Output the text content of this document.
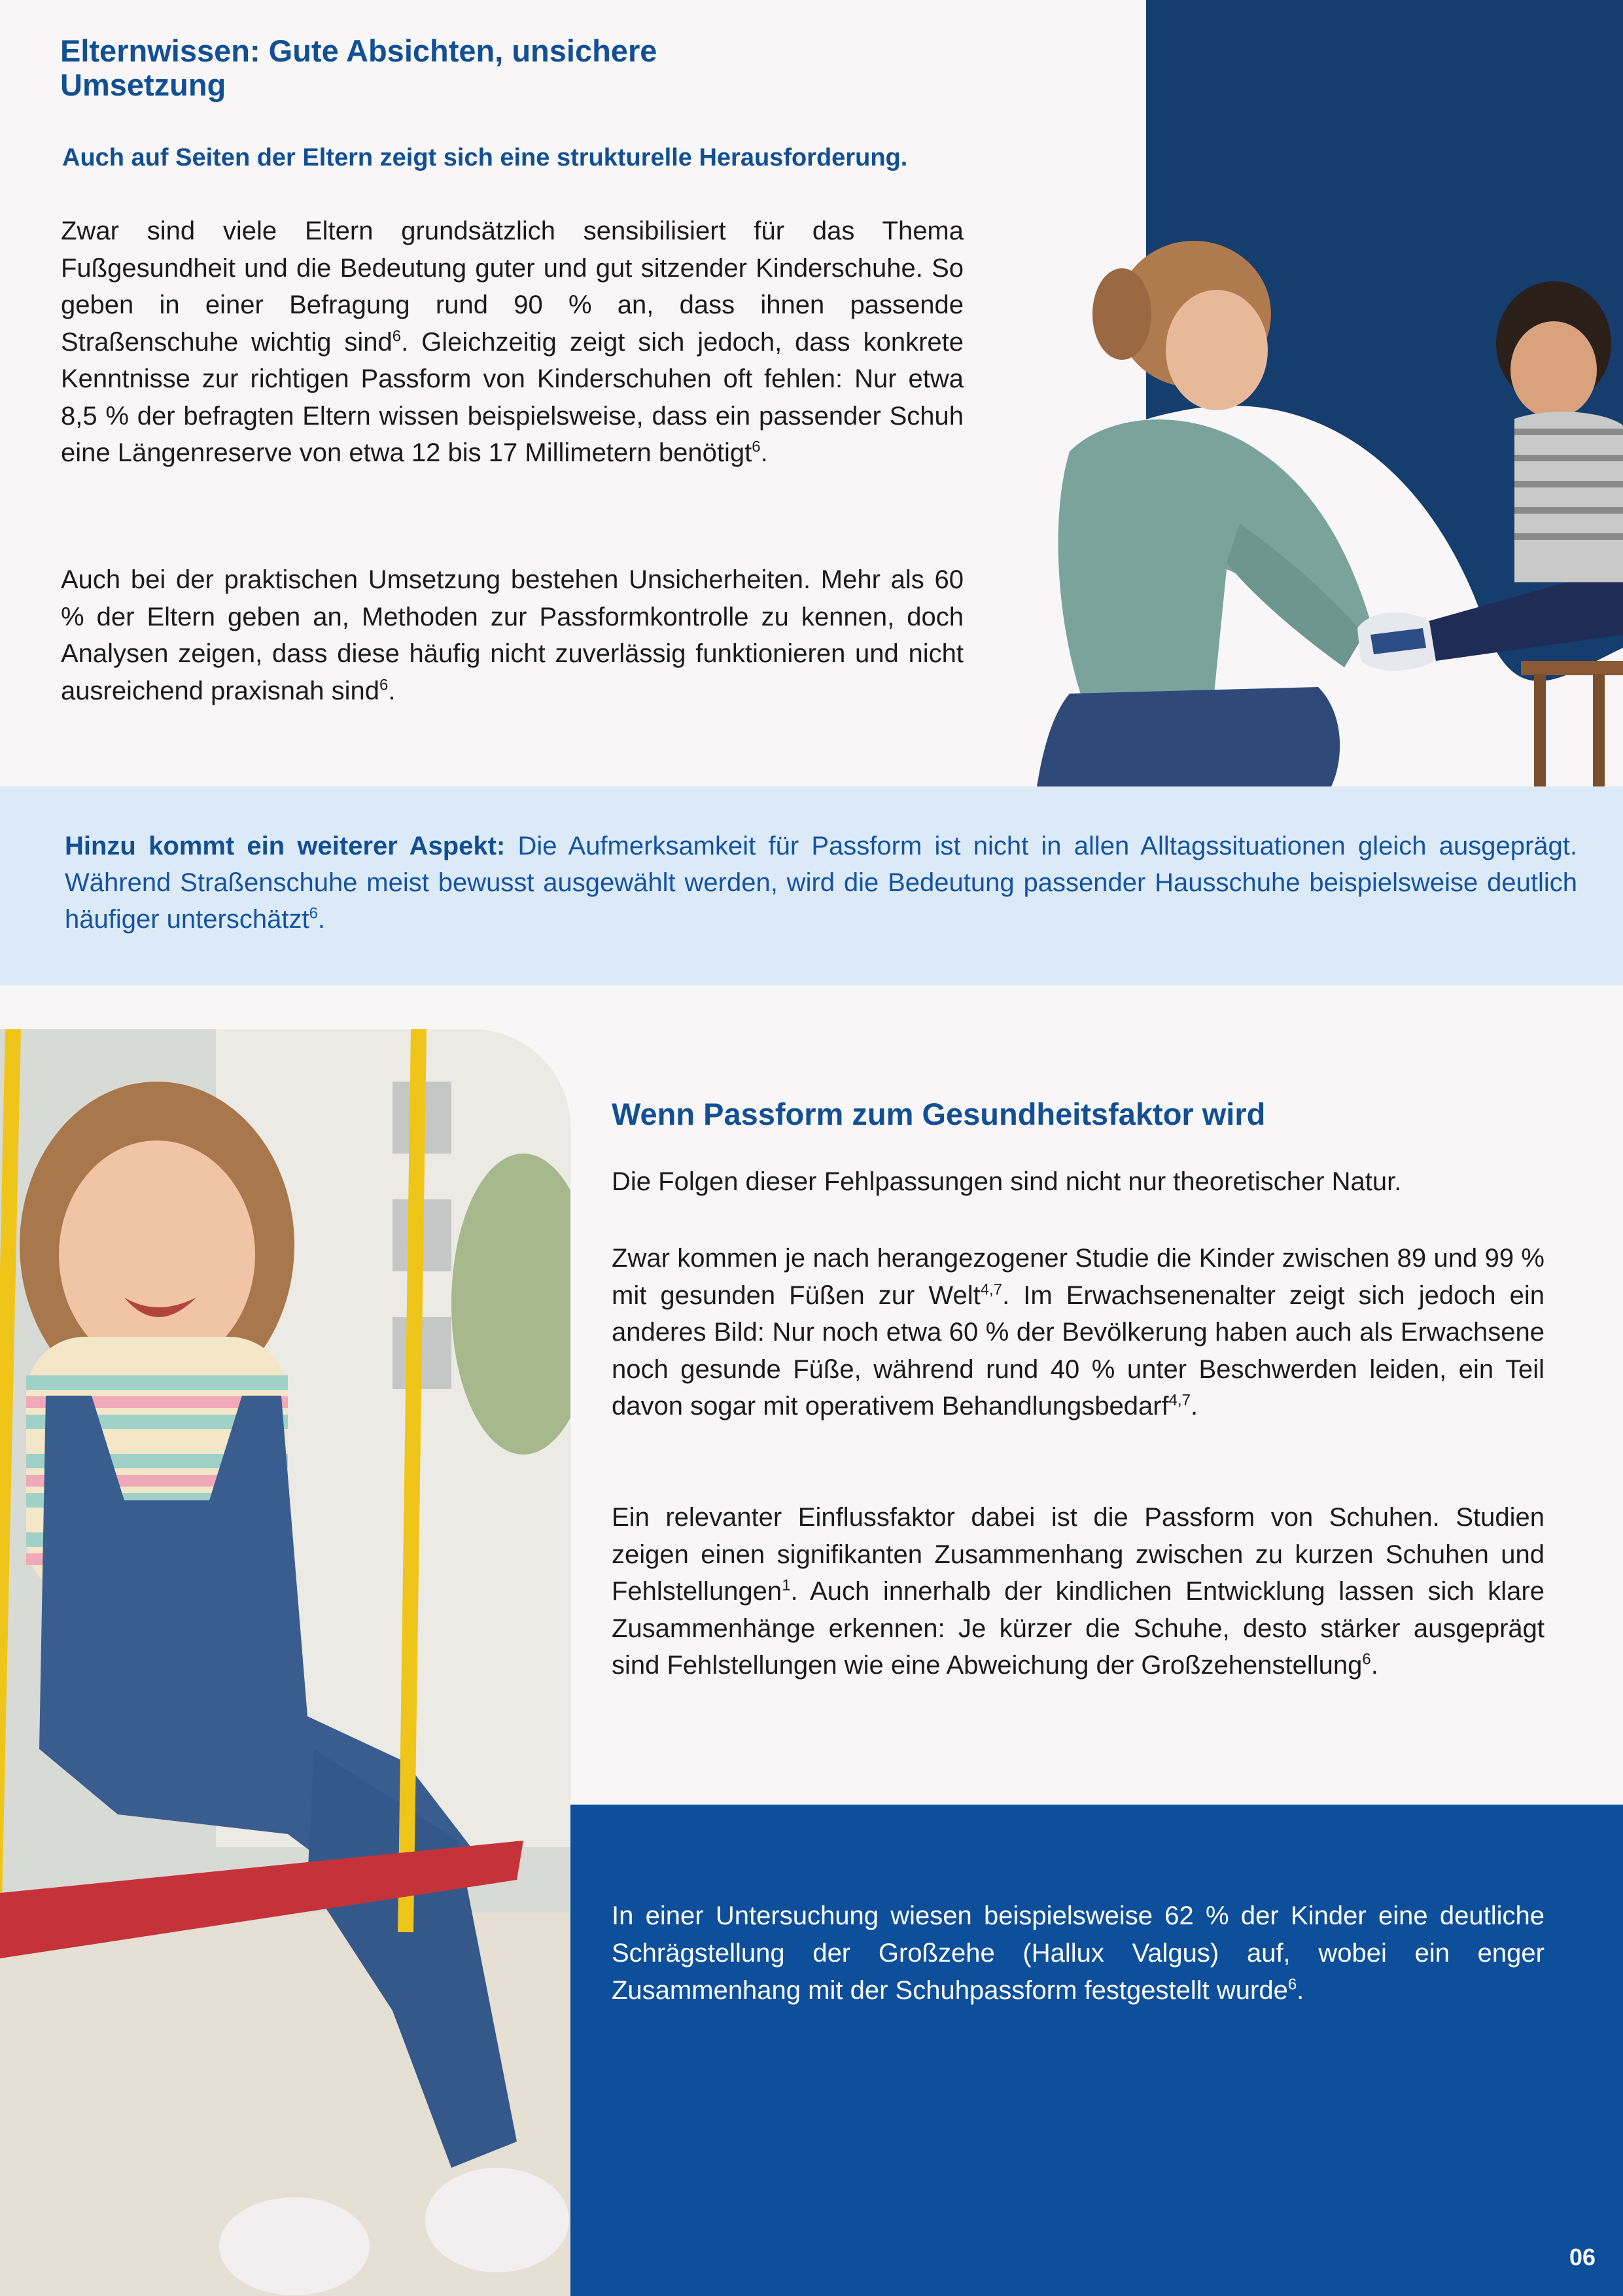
Elternwissen: Gute Absichten, unsichere Umsetzung

Auch auf Seiten der Eltern zeigt sich eine strukturelle Herausforderung.

Zwar sind viele Eltern grundsätzlich sensibilisiert für das Thema Fußgesundheit und die Bedeutung guter und gut sitzender Kinderschuhe. So geben in einer Befragung rund 90 % an, dass ihnen passende Straßenschuhe wichtig sind$^6$. Gleichzeitig zeigt sich jedoch, dass konkrete Kenntnisse zur richtigen Passform von Kinderschuhen oft fehlen: Nur etwa 8,5 % der befragten Eltern wissen beispielsweise, dass ein passender Schuh eine Längenreserve von etwa 12 bis 17 Millimetern benötigt$^6$.

Auch bei der praktischen Umsetzung bestehen Unsicherheiten. Mehr als 60 % der Eltern geben an, Methoden zur Passformkontrolle zu kennen, doch Analysen zeigen, dass diese häufig nicht zuverlässig funktionieren und nicht ausreichend praxisnah sind$^6$.

Hinzu kommt ein weiterer Aspekt: Die Aufmerksamkeit für Passform ist nicht in allen Alltagssituationen gleich ausgeprägt. Während Straßenschuhe meist bewusst ausgewählt werden, wird die Bedeutung passender Hausschuhe beispielsweise deutlich häufiger unterschätzt$^6$.

Wenn Passform zum Gesundheitsfaktor wird

Die Folgen dieser Fehlpassungen sind nicht nur theoretischer Natur.

Zwar kommen je nach herangezogener Studie die Kinder zwischen 89 und 99 % mit gesunden Füßen zur Welt$^{4,7}$. Im Erwachsenenalter zeigt sich jedoch ein anderes Bild: Nur noch etwa 60 % der Bevölkerung haben auch als Erwachsene noch gesunde Füße, während rund 40 % unter Beschwerden leiden, ein Teil davon sogar mit operativem Behandlungsbedarf$^{4,7}$.

Ein relevanter Einflussfaktor dabei ist die Passform von Schuhen. Studien zeigen einen signifikanten Zusammenhang zwischen zu kurzen Schuhen und Fehlstellungen$^1$. Auch innerhalb der kindlichen Entwicklung lassen sich klare Zusammenhänge erkennen: Je kürzer die Schuhe, desto stärker ausgeprägt sind Fehlstellungen wie eine Abweichung der Großzehenstellung$^6$.

In einer Untersuchung wiesen beispielsweise 62 % der Kinder eine deutliche Schrägstellung der Großzehe (Hallux Valgus) auf, wobei ein enger Zusammenhang mit der Schuhpassform festgestellt wurde$^6$.

06
